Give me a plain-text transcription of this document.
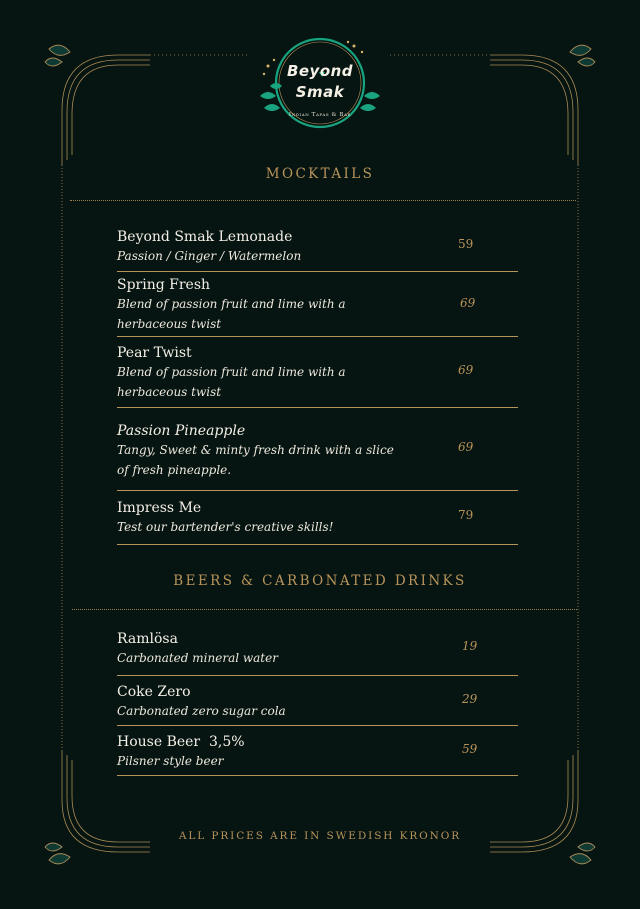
Beyond
Smak
Indian Tapas & Bar
MOCKTAILS
Beyond Smak Lemonade
Passion / Ginger / Watermelon
59
Spring Fresh
Blend of passion fruit and lime with a herbaceous twist
69
Pear Twist
Blend of passion fruit and lime with a herbaceous twist
69
Passion Pineapple
Tangy, Sweet & minty fresh drink with a slice of fresh pineapple.
69
Impress Me
Test our bartender's creative skills!
79
BEERS & CARBONATED DRINKS
Ramlösa
Carbonated mineral water
19
Coke Zero
Carbonated zero sugar cola
29
House Beer  3,5%
Pilsner style beer
59
ALL PRICES ARE IN SWEDISH KRONOR
